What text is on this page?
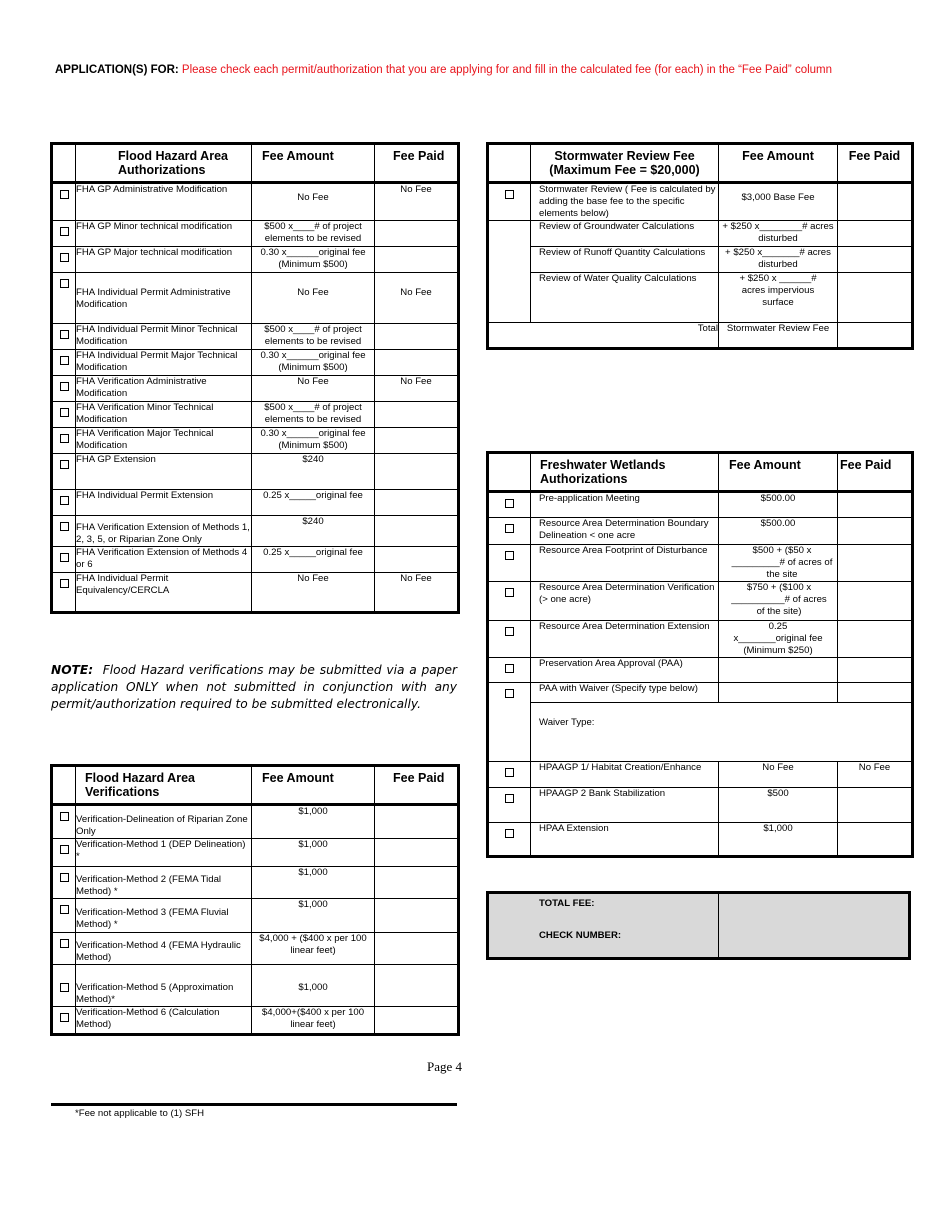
APPLICATION(S) FOR: Please check each permit/authorization that you are applying for and fill in the calculated fee (for each) in the “Fee Paid” column
	Flood Hazard Area Authorizations	Fee Amount	Fee Paid
	FHA GP Administrative Modification	No Fee	No Fee
	FHA GP Minor technical modification	$500 x____# of project elements to be revised	
	FHA GP Major technical modification	0.30 x______original fee (Minimum $500)	
	FHA Individual Permit Administrative Modification	No Fee	No Fee
	FHA Individual Permit Minor Technical Modification	$500 x____# of project elements to be revised	
	FHA Individual Permit Major Technical Modification	0.30 x______original fee (Minimum $500)	
	FHA Verification Administrative Modification	No Fee	No Fee
	FHA Verification Minor Technical Modification	$500 x____# of project elements to be revised	
	FHA Verification Major Technical Modification	0.30 x______original fee (Minimum $500)	
	FHA GP Extension	$240	
	FHA Individual Permit Extension	0.25 x_____original fee	
	FHA Verification Extension of Methods 1, 2, 3, 5, or Riparian Zone Only	$240	
	FHA Verification Extension of Methods 4 or 6	0.25 x_____original fee	
	FHA Individual Permit Equivalency/CERCLA	No Fee	No Fee
	Stormwater Review Fee (Maximum Fee = $20,000)	Fee Amount	Fee Paid
	Stormwater Review ( Fee is calculated by adding the base fee to the specific elements below)	$3,000 Base Fee	
	Review of Groundwater Calculations	+ $250 x________# acres disturbed	
	Review of Runoff Quantity Calculations	+ $250 x_______# acres disturbed	
	Review of Water Quality Calculations	+ $250 x ______# acres impervious surface	
Total		Stormwater Review Fee	
	Freshwater Wetlands Authorizations	Fee Amount	Fee Paid
	Pre-application Meeting	$500.00	
	Resource Area Determination Boundary Delineation < one acre	$500.00	
	Resource Area Footprint of Disturbance	$500 + ($50 x _________# of acres of the site	
	Resource Area Determination Verification (> one acre)	$750 + ($100 x __________# of acres of the site)	
	Resource Area Determination Extension	0.25 x_______original fee (Minimum $250)	
	Preservation Area Approval (PAA)		
	PAA with Waiver (Specify type below)		
	Waiver Type:		
	HPAAGP 1/ Habitat Creation/Enhance	No Fee	No Fee
	HPAAGP 2 Bank Stabilization	$500	
	HPAA Extension	$1,000	
NOTE: Flood Hazard verifications may be submitted via a paper application ONLY when not submitted in conjunction with any permit/authorization required to be submitted electronically.
	Flood Hazard Area Verifications	Fee Amount	Fee Paid
	Verification-Delineation of Riparian Zone Only	$1,000	
	Verification-Method 1 (DEP Delineation) *	$1,000	
	Verification-Method 2 (FEMA Tidal Method) *	$1,000	
	Verification-Method 3 (FEMA Fluvial Method) *	$1,000	
	Verification-Method 4 (FEMA Hydraulic Method)	$4,000 + ($400 x per 100 linear feet)	
	Verification-Method 5 (Approximation Method)*	$1,000	
	Verification-Method 6 (Calculation Method)	$4,000+($400 x per 100 linear feet)	
TOTAL FEE:
CHECK NUMBER:
Page 4
*Fee not applicable to (1) SFH
